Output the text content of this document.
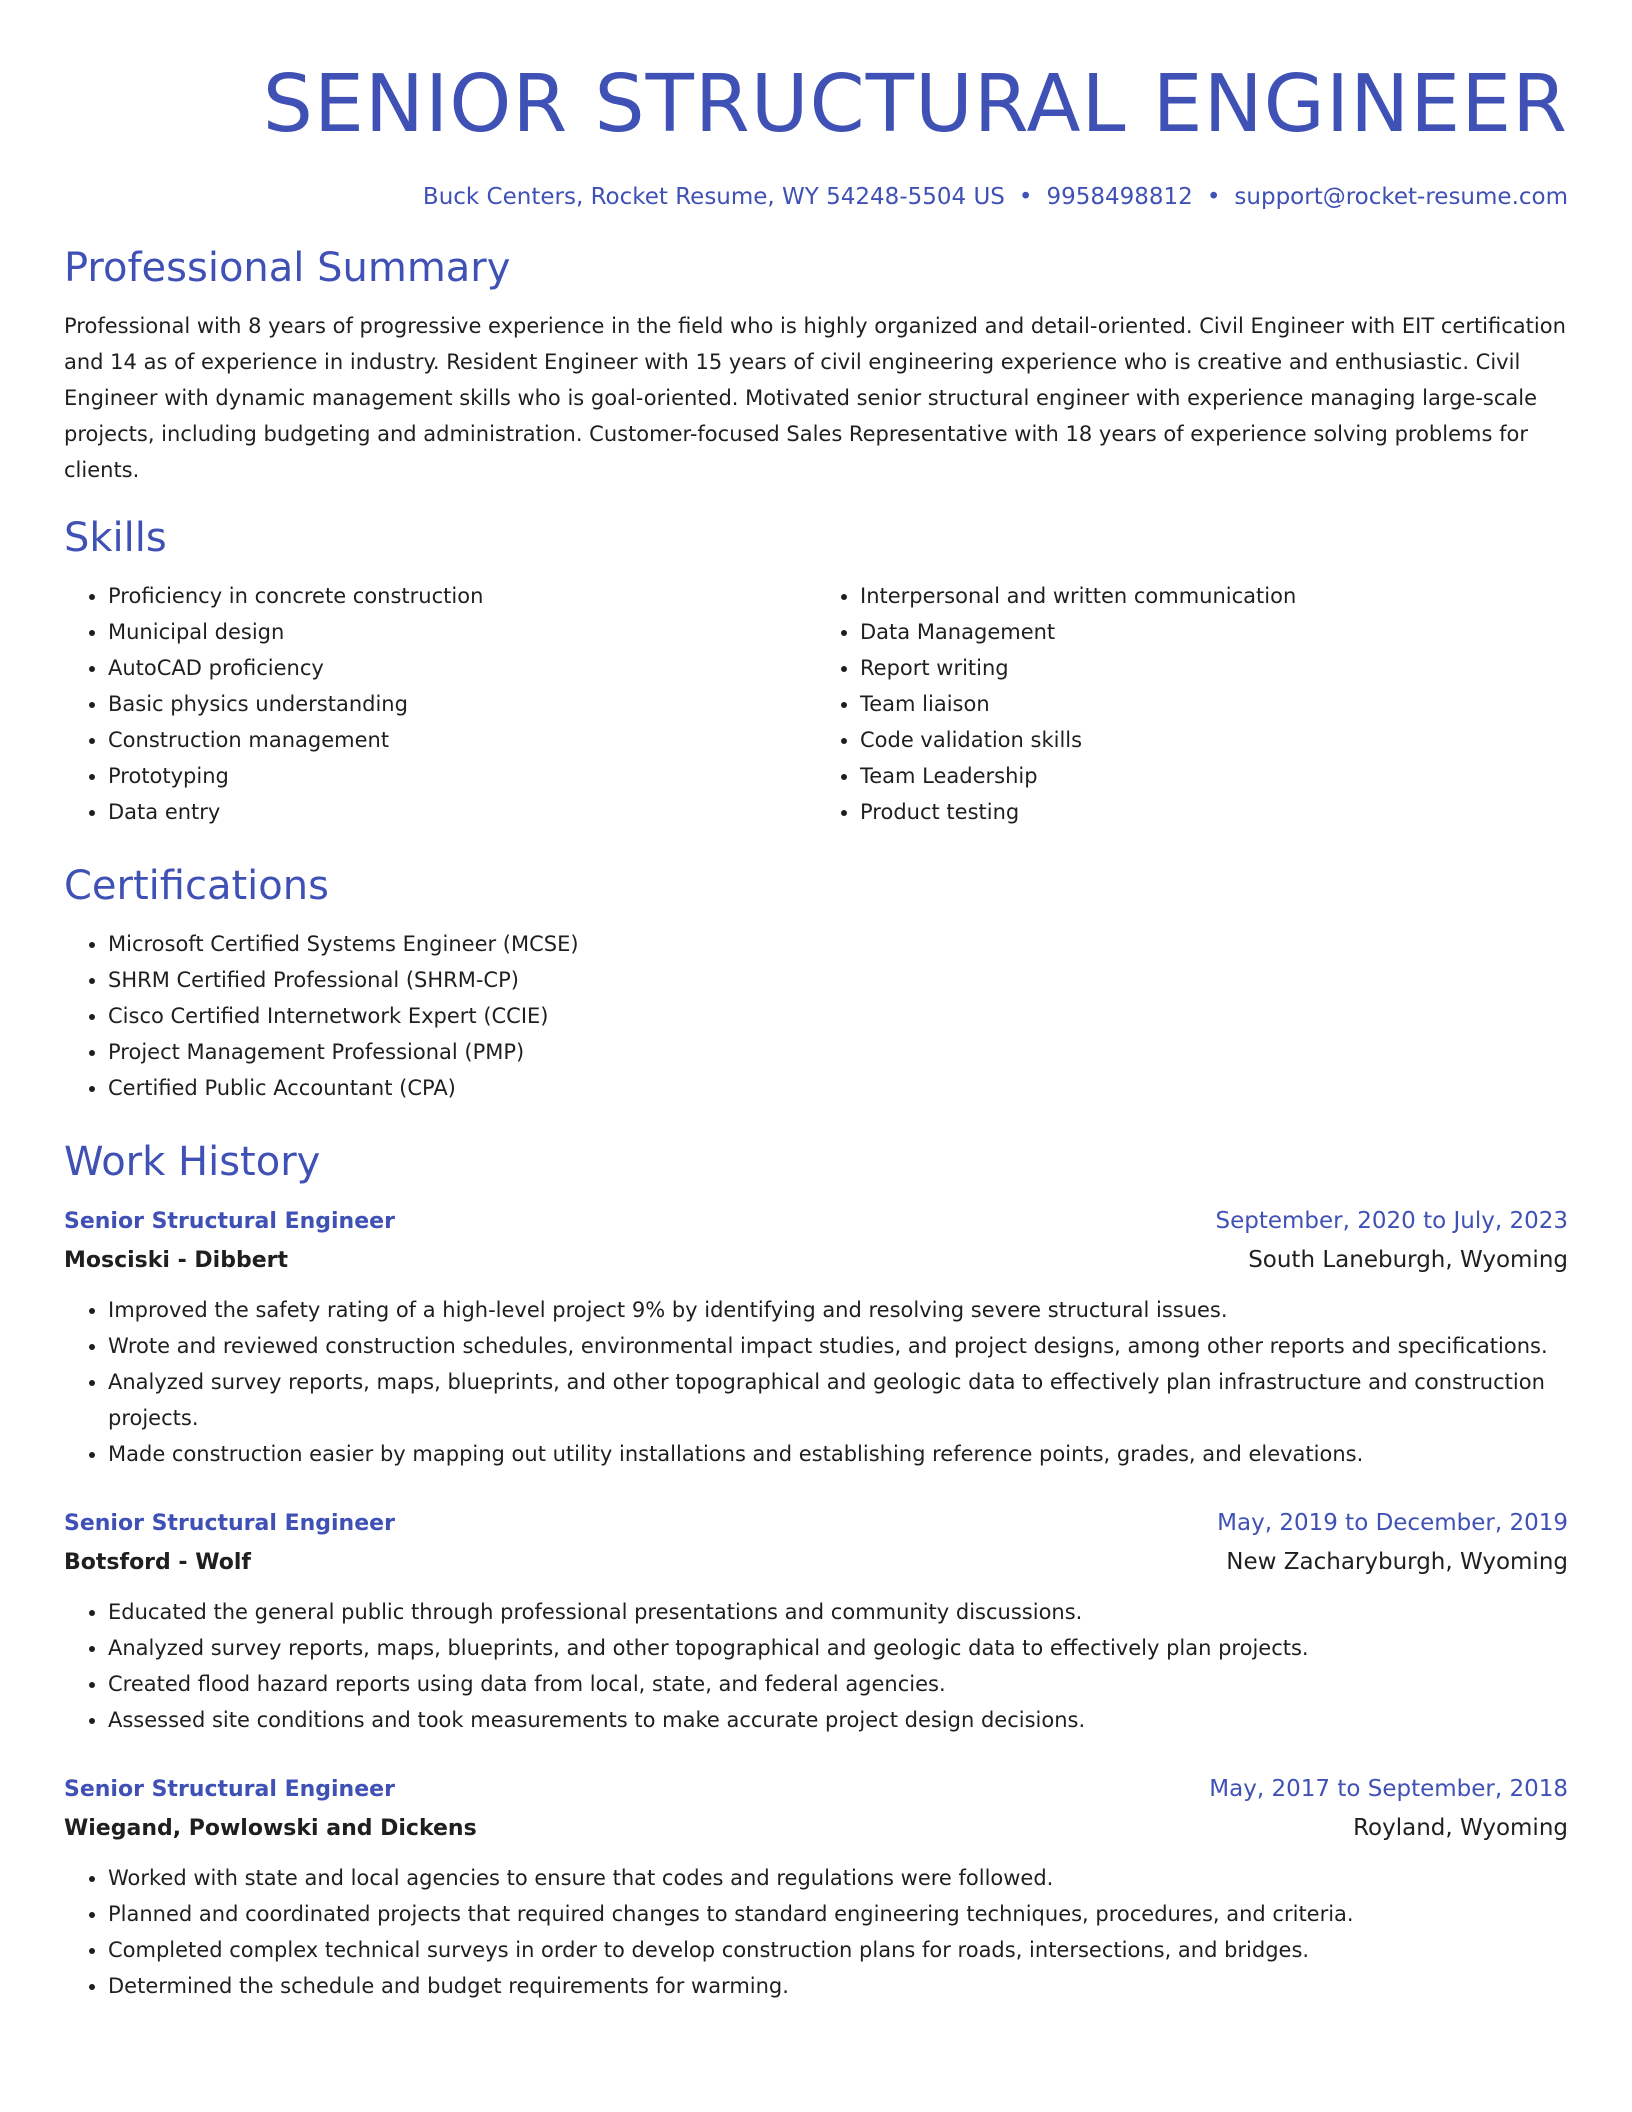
SENIOR STRUCTURAL ENGINEER
Buck Centers, Rocket Resume, WY 54248-5504 US • 9958498812 • support@rocket-resume.com
Professional Summary
Professional with 8 years of progressive experience in the field who is highly organized and detail-oriented. Civil Engineer with EIT certification and 14 as of experience in industry. Resident Engineer with 15 years of civil engineering experience who is creative and enthusiastic. Civil Engineer with dynamic management skills who is goal-oriented. Motivated senior structural engineer with experience managing large-scale projects, including budgeting and administration. Customer-focused Sales Representative with 18 years of experience solving problems for clients.
Skills
• Proficiency in concrete construction
• Municipal design
• AutoCAD proficiency
• Basic physics understanding
• Construction management
• Prototyping
• Data entry
• Interpersonal and written communication
• Data Management
• Report writing
• Team liaison
• Code validation skills
• Team Leadership
• Product testing
Certifications
• Microsoft Certified Systems Engineer (MCSE)
• SHRM Certified Professional (SHRM-CP)
• Cisco Certified Internetwork Expert (CCIE)
• Project Management Professional (PMP)
• Certified Public Accountant (CPA)
Work History
Senior Structural Engineer	September, 2020 to July, 2023
Mosciski - Dibbert	South Laneburgh, Wyoming
• Improved the safety rating of a high-level project 9% by identifying and resolving severe structural issues.
• Wrote and reviewed construction schedules, environmental impact studies, and project designs, among other reports and specifications.
• Analyzed survey reports, maps, blueprints, and other topographical and geologic data to effectively plan infrastructure and construction projects.
• Made construction easier by mapping out utility installations and establishing reference points, grades, and elevations.
Senior Structural Engineer	May, 2019 to December, 2019
Botsford - Wolf	New Zacharyburgh, Wyoming
• Educated the general public through professional presentations and community discussions.
• Analyzed survey reports, maps, blueprints, and other topographical and geologic data to effectively plan projects.
• Created flood hazard reports using data from local, state, and federal agencies.
• Assessed site conditions and took measurements to make accurate project design decisions.
Senior Structural Engineer	May, 2017 to September, 2018
Wiegand, Powlowski and Dickens	Royland, Wyoming
• Worked with state and local agencies to ensure that codes and regulations were followed.
• Planned and coordinated projects that required changes to standard engineering techniques, procedures, and criteria.
• Completed complex technical surveys in order to develop construction plans for roads, intersections, and bridges.
• Determined the schedule and budget requirements for warming.
